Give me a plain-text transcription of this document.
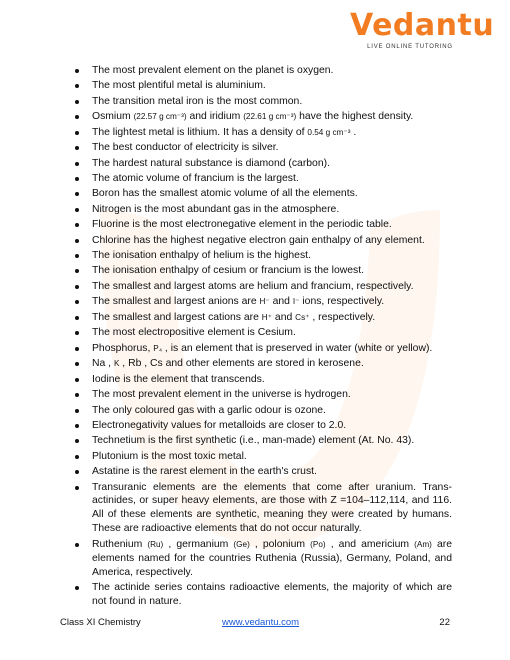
Vedantu
LIVE ONLINE TUTORING
The most prevalent element on the planet is oxygen.
The most plentiful metal is aluminium.
The transition metal iron is the most common.
Osmium (22.57 g cm⁻³) and iridium (22.61 g cm⁻³) have the highest density.
The lightest metal is lithium. It has a density of 0.54 g cm⁻³ .
The best conductor of electricity is silver.
The hardest natural substance is diamond (carbon).
The atomic volume of francium is the largest.
Boron has the smallest atomic volume of all the elements.
Nitrogen is the most abundant gas in the atmosphere.
Fluorine is the most electronegative element in the periodic table.
Chlorine has the highest negative electron gain enthalpy of any element.
The ionisation enthalpy of helium is the highest.
The ionisation enthalpy of cesium or francium is the lowest.
The smallest and largest atoms are helium and francium, respectively.
The smallest and largest anions are H⁻ and I⁻ ions, respectively.
The smallest and largest cations are H⁺ and Cs⁺ , respectively.
The most electropositive element is Cesium.
Phosphorus, P₄ , is an element that is preserved in water (white or yellow).
Na , K , Rb , Cs and other elements are stored in kerosene.
Iodine is the element that transcends.
The most prevalent element in the universe is hydrogen.
The only coloured gas with a garlic odour is ozone.
Electronegativity values for metalloids are closer to 2.0.
Technetium is the first synthetic (i.e., man-made) element (At. No. 43).
Plutonium is the most toxic metal.
Astatine is the rarest element in the earth's crust.
Transuranic elements are the elements that come after uranium. Trans-actinides, or super heavy elements, are those with Z =104–112,114, and 116. All of these elements are synthetic, meaning they were created by humans. These are radioactive elements that do not occur naturally.
Ruthenium (Ru) , germanium (Ge) , polonium (Po) , and americium (Am) are elements named for the countries Ruthenia (Russia), Germany, Poland, and America, respectively.
The actinide series contains radioactive elements, the majority of which are not found in nature.
Class XI Chemistry	www.vedantu.com	22
